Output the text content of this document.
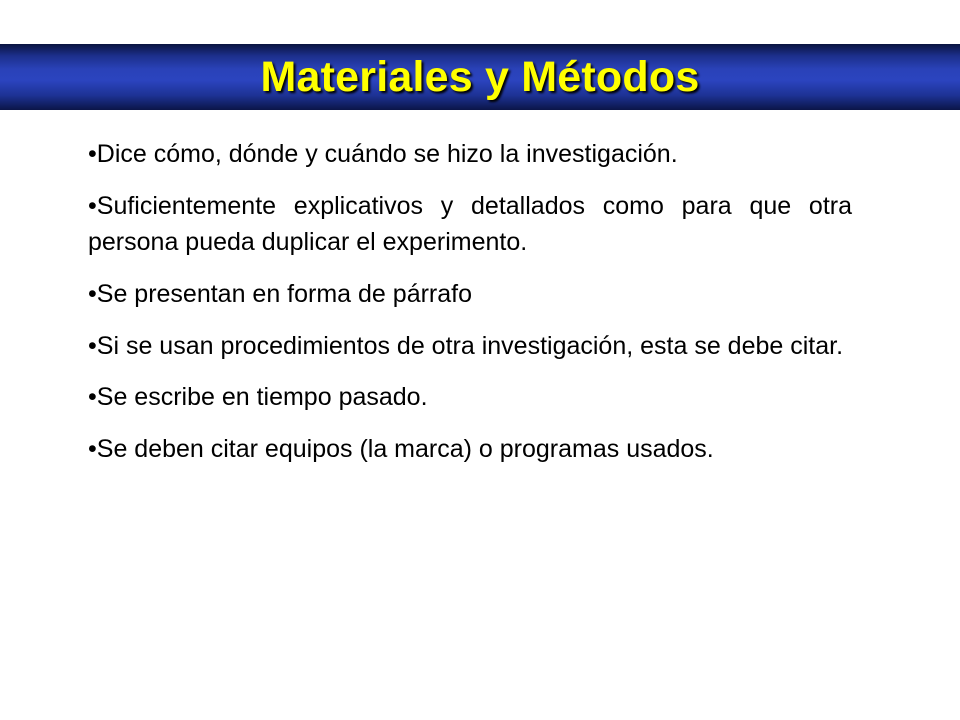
Materiales y Métodos

•Dice cómo, dónde y cuándo se hizo la investigación.

•Suficientemente explicativos y detallados como para que otra persona pueda duplicar el experimento.

•Se presentan en forma de párrafo

•Si se usan procedimientos de otra investigación, esta se debe citar.

•Se escribe en tiempo pasado.

•Se deben citar equipos (la marca) o programas usados.
